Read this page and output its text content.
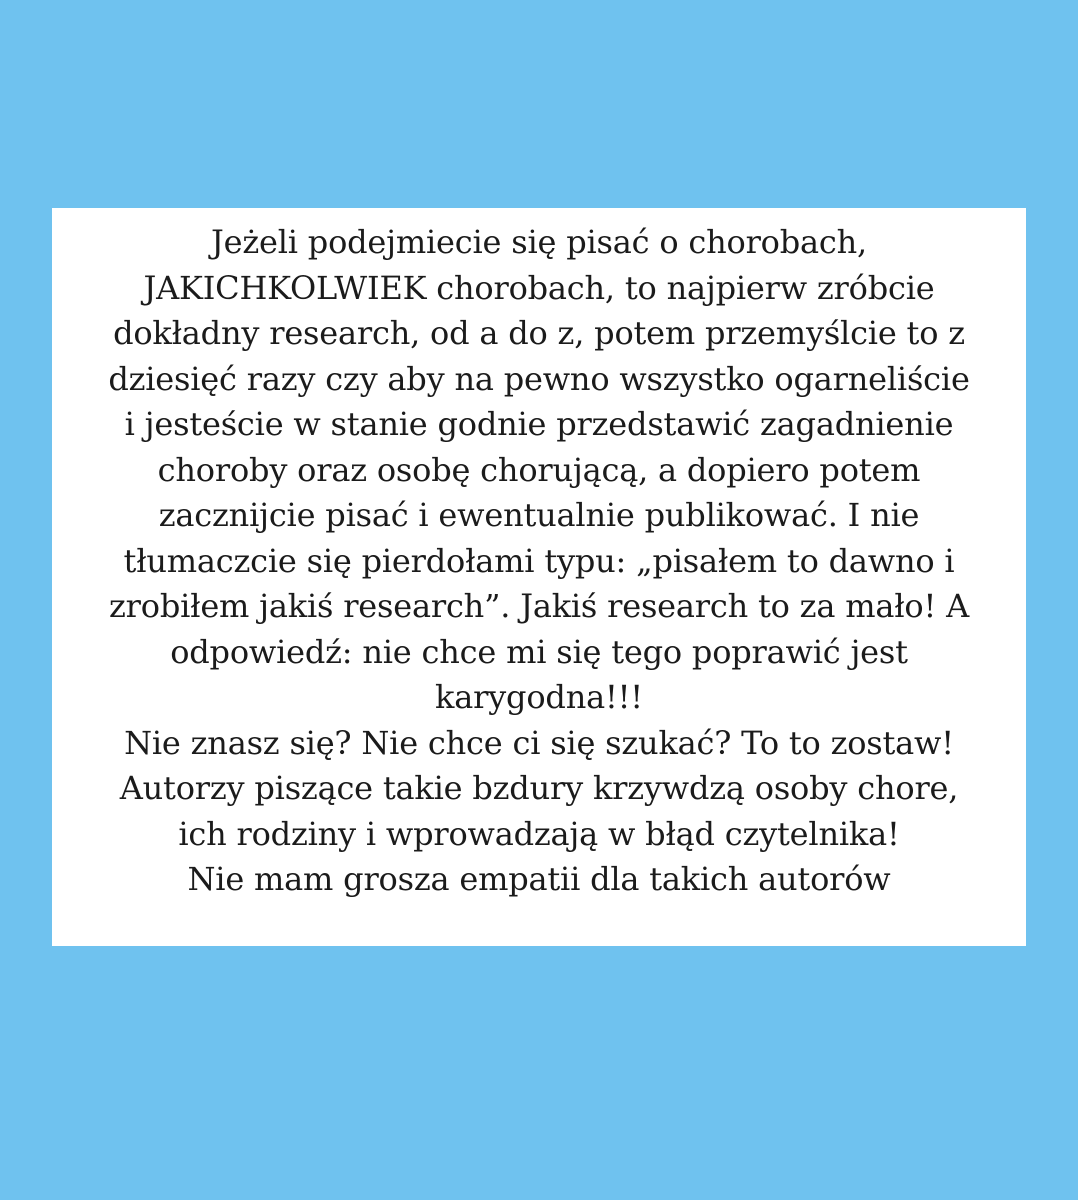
Jeżeli podejmiecie się pisać o chorobach,
JAKICHKOLWIEK chorobach, to najpierw zróbcie
dokładny research, od a do z, potem przemyślcie to z
dziesięć razy czy aby na pewno wszystko ogarneliście
i jesteście w stanie godnie przedstawić zagadnienie
choroby oraz osobę chorującą, a dopiero potem
zacznijcie pisać i ewentualnie publikować. I nie
tłumaczcie się pierdołami typu: „pisałem to dawno i
zrobiłem jakiś research”. Jakiś research to za mało! A
odpowiedź: nie chce mi się tego poprawić jest
karygodna!!!
Nie znasz się? Nie chce ci się szukać? To to zostaw!
Autorzy piszące takie bzdury krzywdzą osoby chore,
ich rodziny i wprowadzają w błąd czytelnika!
Nie mam grosza empatii dla takich autorów
